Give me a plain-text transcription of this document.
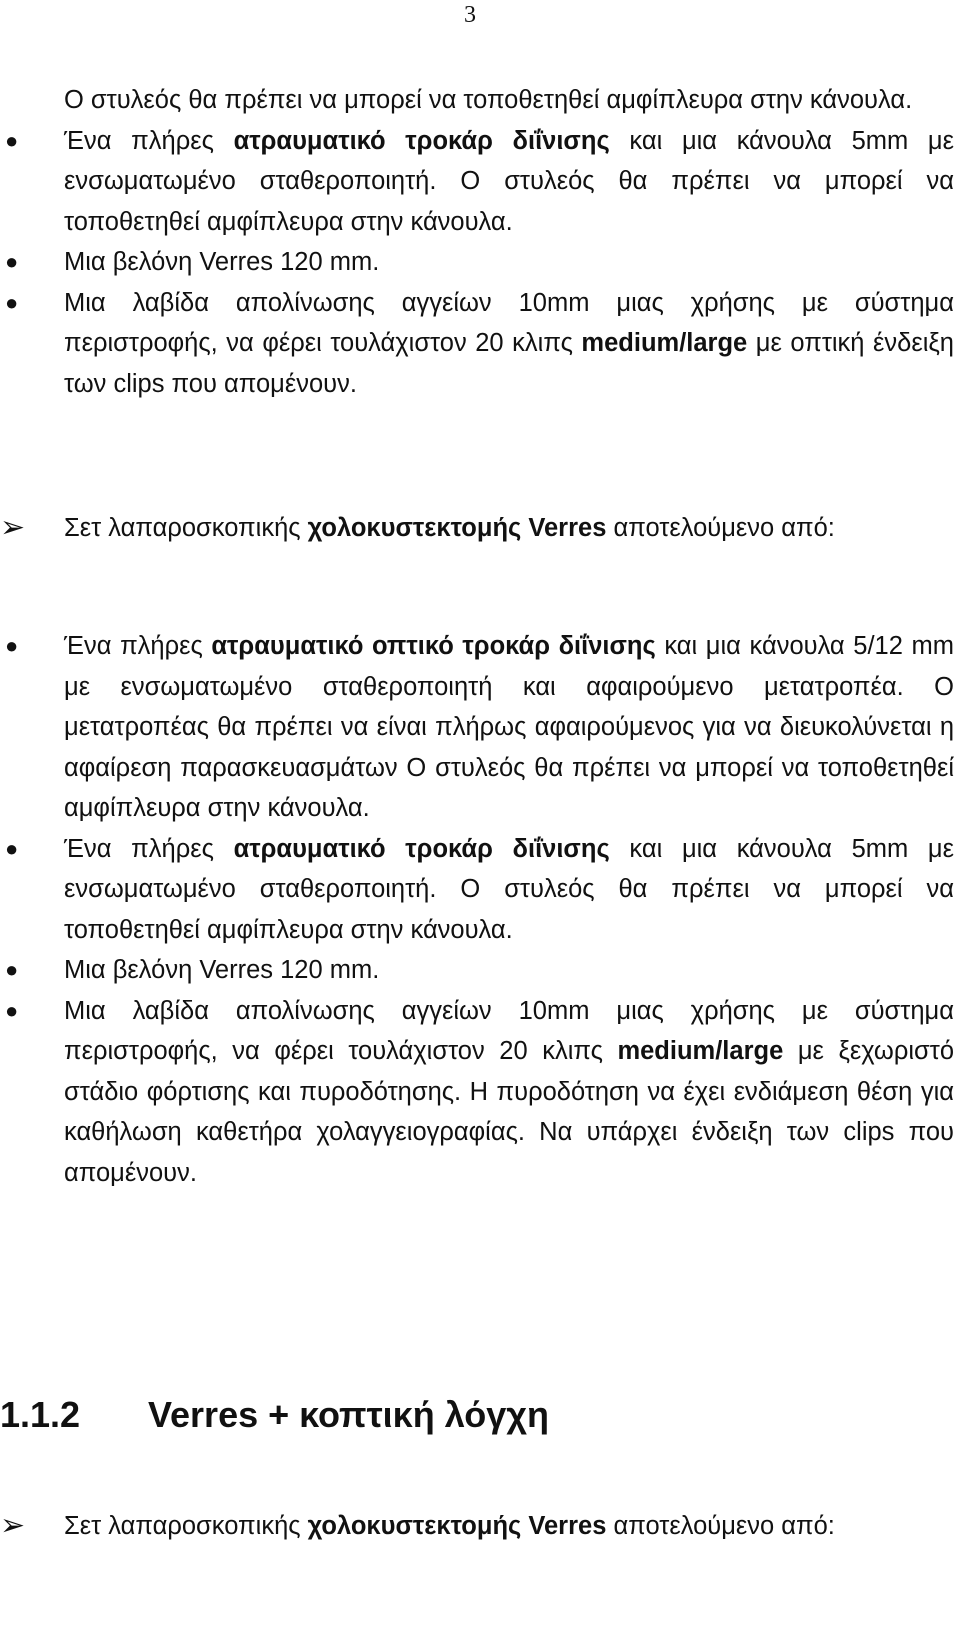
3
Ο στυλεός θα πρέπει να μπορεί να τοποθετηθεί αμφίπλευρα στην κάνουλα.
● Ένα πλήρες ατραυματικό τροκάρ διΐνισης και μια κάνουλα 5mm με ενσωματωμένο σταθεροποιητή. Ο στυλεός θα πρέπει να μπορεί να τοποθετηθεί αμφίπλευρα στην κάνουλα.
● Μια βελόνη Verres 120 mm.
● Μια λαβίδα απολίνωσης αγγείων 10mm μιας χρήσης με σύστημα περιστροφής, να φέρει τουλάχιστον 20 κλιπς medium/large με οπτική ένδειξη των clips που απομένουν.
➢ Σετ λαπαροσκοπικής χολοκυστεκτομής Verres αποτελούμενο από:
● Ένα πλήρες ατραυματικό οπτικό τροκάρ διΐνισης και μια κάνουλα 5/12 mm με ενσωματωμένο σταθεροποιητή και αφαιρούμενο μετατροπέα. Ο μετατροπέας θα πρέπει να είναι πλήρως αφαιρούμενος για να διευκολύνεται η αφαίρεση παρασκευασμάτων Ο στυλεός θα πρέπει να μπορεί να τοποθετηθεί αμφίπλευρα στην κάνουλα.
● Ένα πλήρες ατραυματικό τροκάρ διΐνισης και μια κάνουλα 5mm με ενσωματωμένο σταθεροποιητή. Ο στυλεός θα πρέπει να μπορεί να τοποθετηθεί αμφίπλευρα στην κάνουλα.
● Μια βελόνη Verres 120 mm.
● Μια λαβίδα απολίνωσης αγγείων 10mm μιας χρήσης με σύστημα περιστροφής, να φέρει τουλάχιστον 20 κλιπς medium/large με ξεχωριστό στάδιο φόρτισης και πυροδότησης. Η πυροδότηση να έχει ενδιάμεση θέση για καθήλωση καθετήρα χολαγγειογραφίας. Να υπάρχει ένδειξη των clips που απομένουν.
1.1.2 Verres + κοπτική λόγχη
➢ Σετ λαπαροσκοπικής χολοκυστεκτομής Verres αποτελούμενο από:
